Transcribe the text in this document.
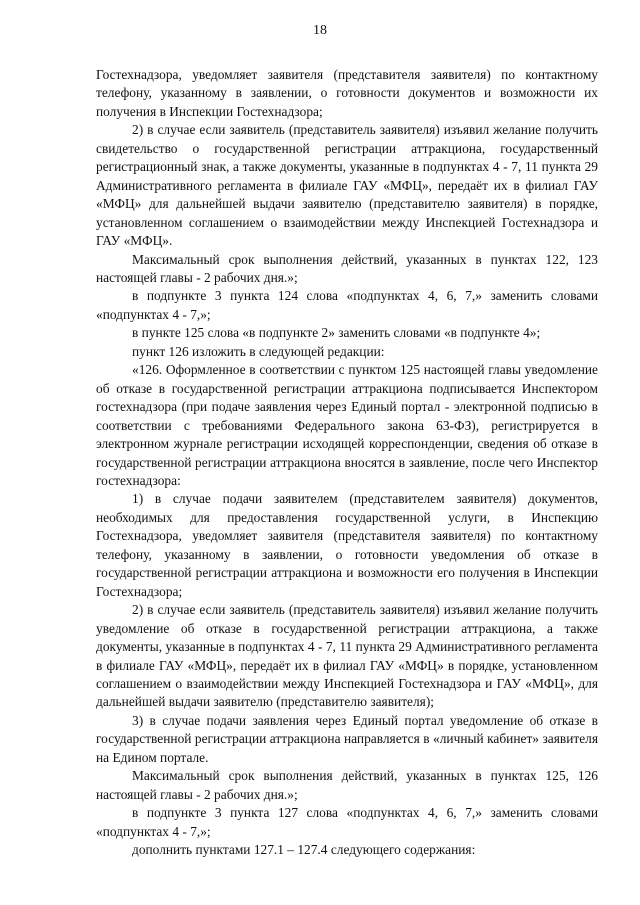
18

Гостехнадзора, уведомляет заявителя (представителя заявителя) по контактному телефону, указанному в заявлении, о готовности документов и возможности их получения в Инспекции Гостехнадзора;

2) в случае если заявитель (представитель заявителя) изъявил желание получить свидетельство о государственной регистрации аттракциона, государственный регистрационный знак, а также документы, указанные в подпунктах 4 - 7, 11 пункта 29 Административного регламента в филиале ГАУ «МФЦ», передаёт их в филиал ГАУ «МФЦ» для дальнейшей выдачи заявителю (представителю заявителя) в порядке, установленном соглашением о взаимодействии между Инспекцией Гостехнадзора и ГАУ «МФЦ».

Максимальный срок выполнения действий, указанных в пунктах 122, 123 настоящей главы - 2 рабочих дня.»;

в подпункте 3 пункта 124 слова «подпунктах 4, 6, 7,» заменить словами «подпунктах 4 - 7,»;

в пункте 125 слова «в подпункте 2» заменить словами «в подпункте 4»;

пункт 126 изложить в следующей редакции:

«126. Оформленное в соответствии с пунктом 125 настоящей главы уведомление об отказе в государственной регистрации аттракциона подписывается Инспектором гостехнадзора (при подаче заявления через Единый портал - электронной подписью в соответствии с требованиями Федерального закона 63-ФЗ), регистрируется в электронном журнале регистрации исходящей корреспонденции, сведения об отказе в государственной регистрации аттракциона вносятся в заявление, после чего Инспектор гостехнадзора:

1) в случае подачи заявителем (представителем заявителя) документов, необходимых для предоставления государственной услуги, в Инспекцию Гостехнадзора, уведомляет заявителя (представителя заявителя) по контактному телефону, указанному в заявлении, о готовности уведомления об отказе в государственной регистрации аттракциона и возможности его получения в Инспекции Гостехнадзора;

2) в случае если заявитель (представитель заявителя) изъявил желание получить уведомление об отказе в государственной регистрации аттракциона, а также документы, указанные в подпунктах 4 - 7, 11 пункта 29 Административного регламента в филиале ГАУ «МФЦ», передаёт их в филиал ГАУ «МФЦ» в порядке, установленном соглашением о взаимодействии между Инспекцией Гостехнадзора и ГАУ «МФЦ», для дальнейшей выдачи заявителю (представителю заявителя);

3) в случае подачи заявления через Единый портал уведомление об отказе в государственной регистрации аттракциона направляется в «личный кабинет» заявителя на Едином портале.

Максимальный срок выполнения действий, указанных в пунктах 125, 126 настоящей главы - 2 рабочих дня.»;

в подпункте 3 пункта 127 слова «подпунктах 4, 6, 7,» заменить словами «подпунктах 4 - 7,»;

дополнить пунктами 127.1 – 127.4 следующего содержания:
